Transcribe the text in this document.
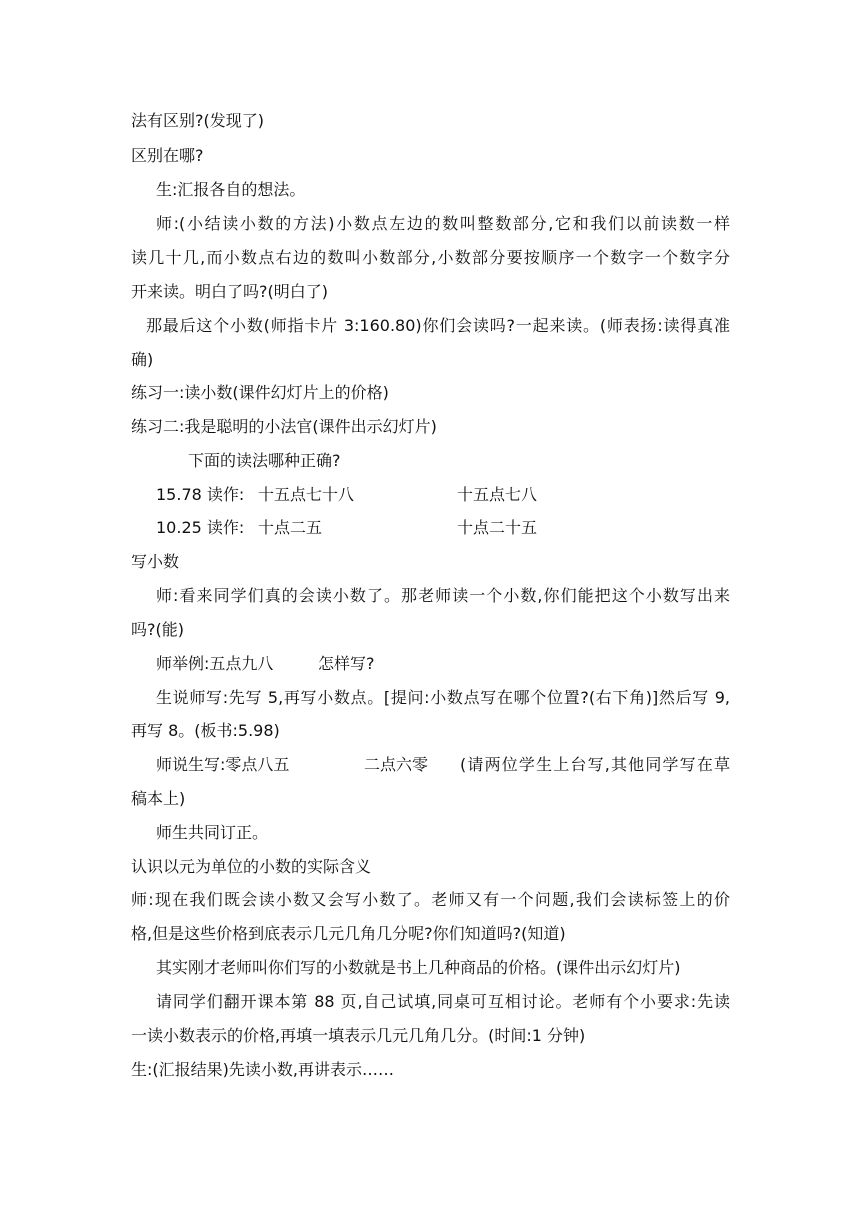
法有区别?(发现了)
区别在哪?
生:汇报各自的想法。
师:(小结读小数的方法)小数点左边的数叫整数部分,它和我们以前读数一样
读几十几,而小数点右边的数叫小数部分,小数部分要按顺序一个数字一个数字分
开来读。明白了吗?(明白了)
那最后这个小数(师指卡片 3:160.80)你们会读吗?一起来读。(师表扬:读得真准
确)
练习一:读小数(课件幻灯片上的价格)
练习二:我是聪明的小法官(课件出示幻灯片)
下面的读法哪种正确?
15.78 读作: 十五点七十八	十五点七八
10.25 读作: 十点二五	十点二十五
写小数
师:看来同学们真的会读小数了。那老师读一个小数,你们能把这个小数写出来
吗?(能)
师举例:五点九八	怎样写?
生说师写:先写 5,再写小数点。[提问:小数点写在哪个位置?(右下角)]然后写 9,
再写 8。(板书:5.98)
师说生写:零点八五	二点六零 (请两位学生上台写,其他同学写在草
稿本上)
师生共同订正。
认识以元为单位的小数的实际含义
师:现在我们既会读小数又会写小数了。老师又有一个问题,我们会读标签上的价
格,但是这些价格到底表示几元几角几分呢?你们知道吗?(知道)
其实刚才老师叫你们写的小数就是书上几种商品的价格。(课件出示幻灯片)
请同学们翻开课本第 88 页,自己试填,同桌可互相讨论。老师有个小要求:先读
一读小数表示的价格,再填一填表示几元几角几分。(时间:1 分钟)
生:(汇报结果)先读小数,再讲表示……
